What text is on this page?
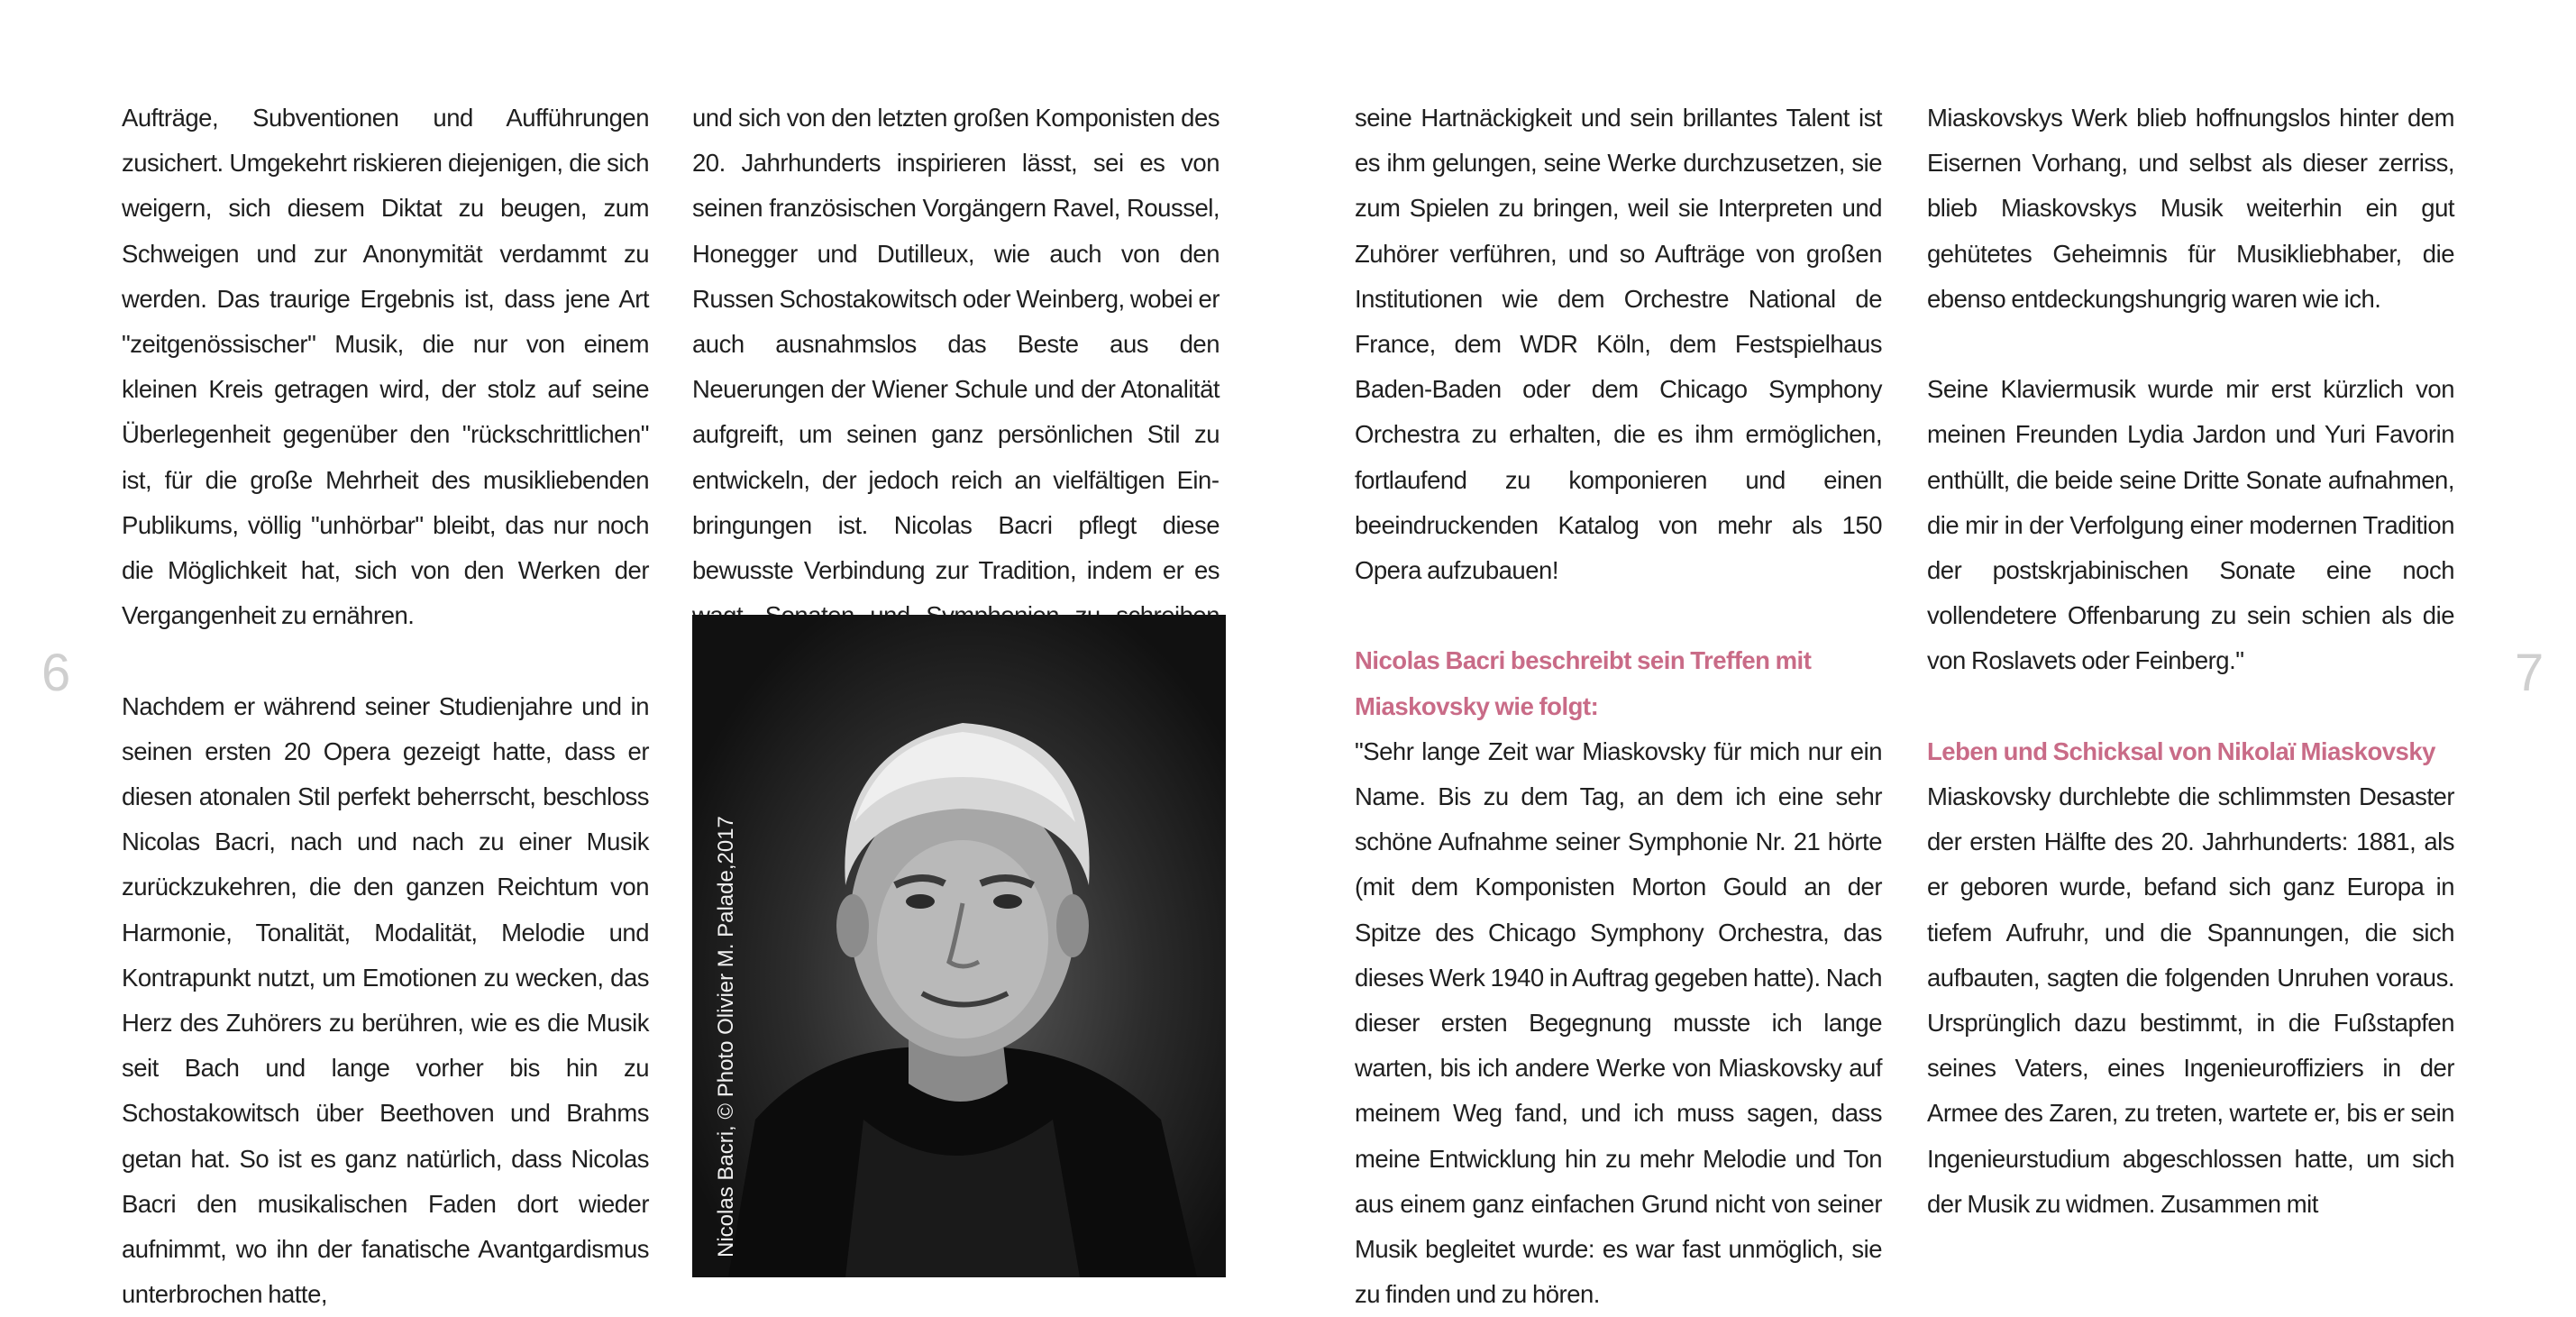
6	7

Aufträge, Subventionen und Aufführungen zusichert. Umgekehrt riskieren diejenigen, die sich weigern, sich diesem Diktat zu beugen, zum Schweigen und zur Anonymität verdammt zu werden. Das traurige Ergebnis ist, dass jene Art "zeitgenössischer" Musik, die nur von einem kleinen Kreis getragen wird, der stolz auf seine Überlegenheit gegenüber den "rückschrittlichen" ist, für die große Mehrheit des musikliebenden Publikums, völlig "unhörbar" bleibt, das nur noch die Möglichkeit hat, sich von den Werken der Vergangenheit zu ernähren.

Nachdem er während seiner Studienjahre und in seinen ersten 20 Opera gezeigt hatte, dass er diesen atonalen Stil perfekt beherrscht, beschloss Nicolas Bacri, nach und nach zu einer Musik zurückzukehren, die den ganzen Reichtum von Harmonie, Tonalität, Modalität, Melodie und Kontrapunkt nutzt, um Emotionen zu wecken, das Herz des Zuhörers zu berühren, wie es die Musik seit Bach und lange vorher bis hin zu Schostakowitsch über Beethoven und Brahms getan hat. So ist es ganz natürlich, dass Nicolas Bacri den musikalischen Faden dort wieder aufnimmt, wo ihn der fanatische Avantgardismus unterbrochen hatte,

und sich von den letzten großen Komponisten des 20. Jahrhunderts inspirieren lässt, sei es von seinen französischen Vorgängern Ravel, Roussel, Honegger und Dutilleux, wie auch von den Russen Schostakowitsch oder Weinberg, wobei er auch ausnahmslos das Beste aus den Neuerungen der Wiener Schule und der Atonalität aufgreift, um seinen ganz persönlichen Stil zu entwickeln, der jedoch reich an vielfältigen Einbringungen ist. Nicolas Bacri pflegt diese bewusste Verbindung zur Tradition, indem er es

Nicolas Bacri, © Photo Olivier M. Palade,2017

seine Hartnäckigkeit und sein brillantes Talent ist es ihm gelungen, seine Werke durchzusetzen, sie zum Spielen zu bringen, weil sie Interpreten und Zuhörer verführen, und so Aufträge von großen Institutionen wie dem Orchestre National de France, dem WDR Köln, dem Festspielhaus Baden-Baden oder dem Chicago Symphony Orchestra zu erhalten, die es ihm ermöglichen, fortlaufend zu komponieren und einen beeindruckenden Katalog von mehr als 150 Opera aufzubauen!

Nicolas Bacri beschreibt sein Treffen mit Miaskovsky wie folgt:

"Sehr lange Zeit war Miaskovsky für mich nur ein Name. Bis zu dem Tag, an dem ich eine sehr schöne Aufnahme seiner Symphonie Nr. 21 hörte (mit dem Komponisten Morton Gould an der Spitze des Chicago Symphony Orchestra, das dieses Werk 1940 in Auftrag gegeben hatte). Nach dieser ersten Begegnung musste ich lange warten, bis ich andere Werke von Miaskovsky auf meinem Weg fand, und ich muss sagen, dass meine Entwicklung hin zu mehr Melodie und Ton aus einem ganz einfachen Grund nicht von seiner Musik begleitet wurde: es war fast unmöglich, sie zu finden und zu hören.

Miaskovskys Werk blieb hoffnungslos hinter dem Eisernen Vorhang, und selbst als dieser zerriss, blieb Miaskovskys Musik weiterhin ein gut gehütetes Geheimnis für Musikliebhaber, die ebenso entdeckungshungrig waren wie ich.

Seine Klaviermusik wurde mir erst kürzlich von meinen Freunden Lydia Jardon und Yuri Favorin enthüllt, die beide seine Dritte Sonate aufnahmen, die mir in der Verfolgung einer modernen Tradition der postskrjabinischen Sonate eine noch vollendetere Offenbarung zu sein schien als die von Roslavets oder Feinberg."

Leben und Schicksal von Nikolaï Miaskovsky

Miaskovsky durchlebte die schlimmsten Desaster der ersten Hälfte des 20. Jahrhunderts: 1881, als er geboren wurde, befand sich ganz Europa in tiefem Aufruhr, und die Spannungen, die sich aufbauten, sagten die folgenden Unruhen voraus. Ursprünglich dazu bestimmt, in die Fußstapfen seines Vaters, eines Ingenieuroffiziers in der Armee des Zaren, zu treten, wartete er, bis er sein Ingenieurstudium abgeschlossen hatte, um sich der Musik zu widmen. Zusammen mit
